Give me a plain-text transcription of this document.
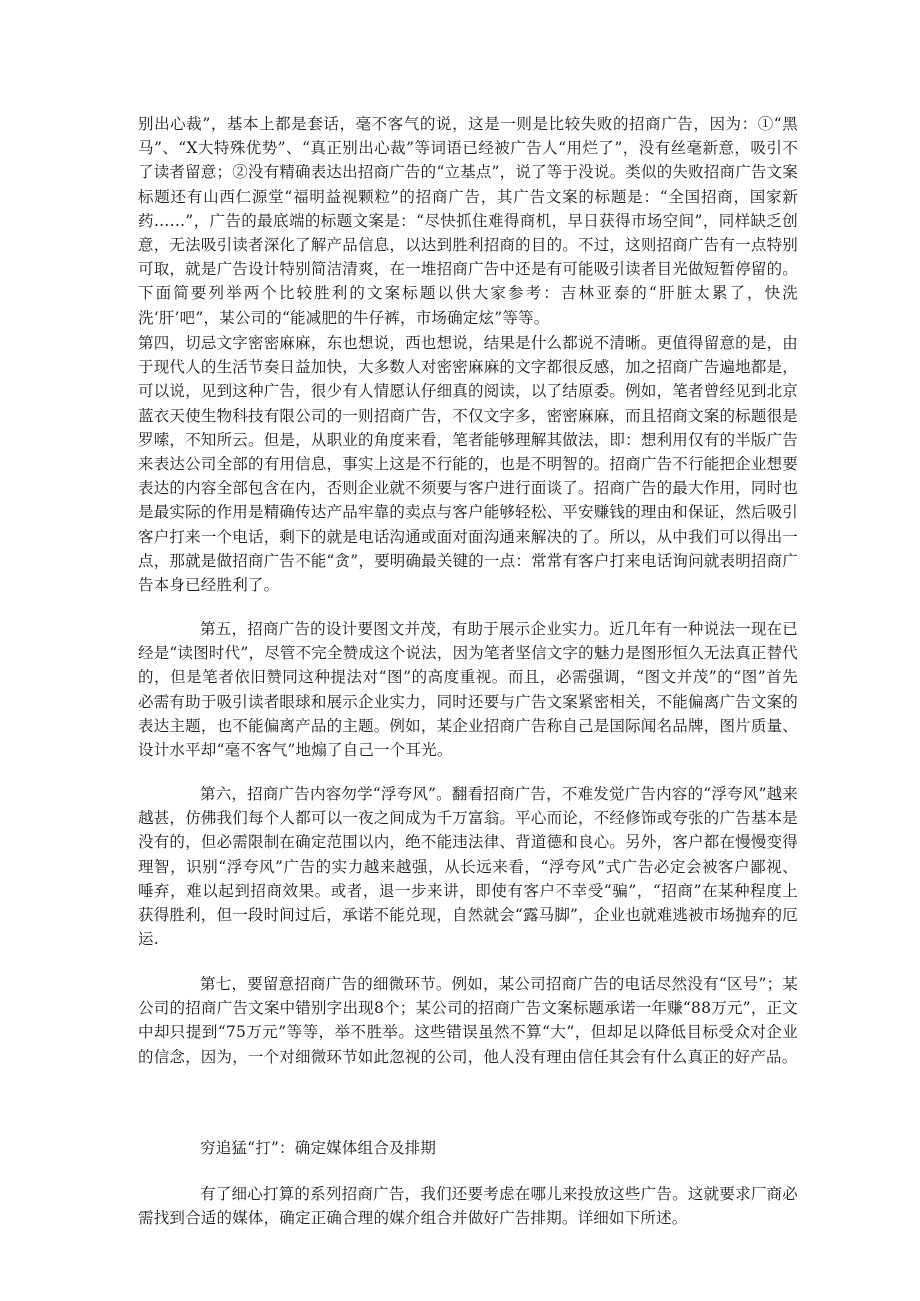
别出心裁”，基本上都是套话，毫不客气的说，这是一则是比较失败的招商广告，因为：①“黑马”、“X大特殊优势”、“真正别出心裁”等词语已经被广告人“用烂了”，没有丝毫新意，吸引不了读者留意；②没有精确表达出招商广告的“立基点”，说了等于没说。类似的失败招商广告文案标题还有山西仁源堂“福明益视颗粒”的招商广告，其广告文案的标题是：“全国招商，国家新药……”，广告的最底端的标题文案是：“尽快抓住难得商机，早日获得市场空间”，同样缺乏创意，无法吸引读者深化了解产品信息，以达到胜利招商的目的。不过，这则招商广告有一点特别可取，就是广告设计特别简洁清爽，在一堆招商广告中还是有可能吸引读者目光做短暂停留的。下面简要列举两个比较胜利的文案标题以供大家参考：吉林亚泰的“肝脏太累了，快洗洗‘肝’吧”，某公司的“能减肥的牛仔裤，市场确定炫”等等。

第四，切忌文字密密麻麻，东也想说，西也想说，结果是什么都说不清晰。更值得留意的是，由于现代人的生活节奏日益加快，大多数人对密密麻麻的文字都很反感，加之招商广告遍地都是，可以说，见到这种广告，很少有人情愿认仔细真的阅读，以了结原委。例如，笔者曾经见到北京蓝衣天使生物科技有限公司的一则招商广告，不仅文字多，密密麻麻，而且招商文案的标题很是罗嗦，不知所云。但是，从职业的角度来看，笔者能够理解其做法，即：想利用仅有的半版广告来表达公司全部的有用信息，事实上这是不行能的，也是不明智的。招商广告不行能把企业想要表达的内容全部包含在内，否则企业就不须要与客户进行面谈了。招商广告的最大作用，同时也是最实际的作用是精确传达产品牢靠的卖点与客户能够轻松、平安赚钱的理由和保证，然后吸引客户打来一个电话，剩下的就是电话沟通或面对面沟通来解决的了。所以，从中我们可以得出一点，那就是做招商广告不能“贪”，要明确最关键的一点：常常有客户打来电话询问就表明招商广告本身已经胜利了。

第五，招商广告的设计要图文并茂，有助于展示企业实力。近几年有一种说法一现在已经是“读图时代”，尽管不完全赞成这个说法，因为笔者坚信文字的魅力是图形恒久无法真正替代的，但是笔者依旧赞同这种提法对“图”的高度重视。而且，必需强调，“图文并茂”的“图”首先必需有助于吸引读者眼球和展示企业实力，同时还要与广告文案紧密相关，不能偏离广告文案的表达主题，也不能偏离产品的主题。例如，某企业招商广告称自己是国际闻名品牌，图片质量、设计水平却“毫不客气”地煽了自己一个耳光。

第六，招商广告内容勿学“浮夸风”。翻看招商广告，不难发觉广告内容的“浮夸风”越来越甚，仿佛我们每个人都可以一夜之间成为千万富翁。平心而论，不经修饰或夸张的广告基本是没有的，但必需限制在确定范围以内，绝不能违法律、背道德和良心。另外，客户都在慢慢变得理智，识别“浮夸风”广告的实力越来越强，从长远来看，“浮夸风”式广告必定会被客户鄙视、唾弃，难以起到招商效果。或者，退一步来讲，即使有客户不幸受“骗”，“招商”在某种程度上获得胜利，但一段时间过后，承诺不能兑现，自然就会“露马脚”，企业也就难逃被市场抛弃的厄运.

第七，要留意招商广告的细微环节。例如，某公司招商广告的电话尽然没有“区号”；某公司的招商广告文案中错别字出现8个；某公司的招商广告文案标题承诺一年赚“88万元”，正文中却只提到“75万元”等等，举不胜举。这些错误虽然不算“大”，但却足以降低目标受众对企业的信念，因为，一个对细微环节如此忽视的公司，他人没有理由信任其会有什么真正的好产品。

穷追猛“打”：确定媒体组合及排期

有了细心打算的系列招商广告，我们还要考虑在哪儿来投放这些广告。这就要求厂商必需找到合适的媒体，确定正确合理的媒介组合并做好广告排期。详细如下所述。
